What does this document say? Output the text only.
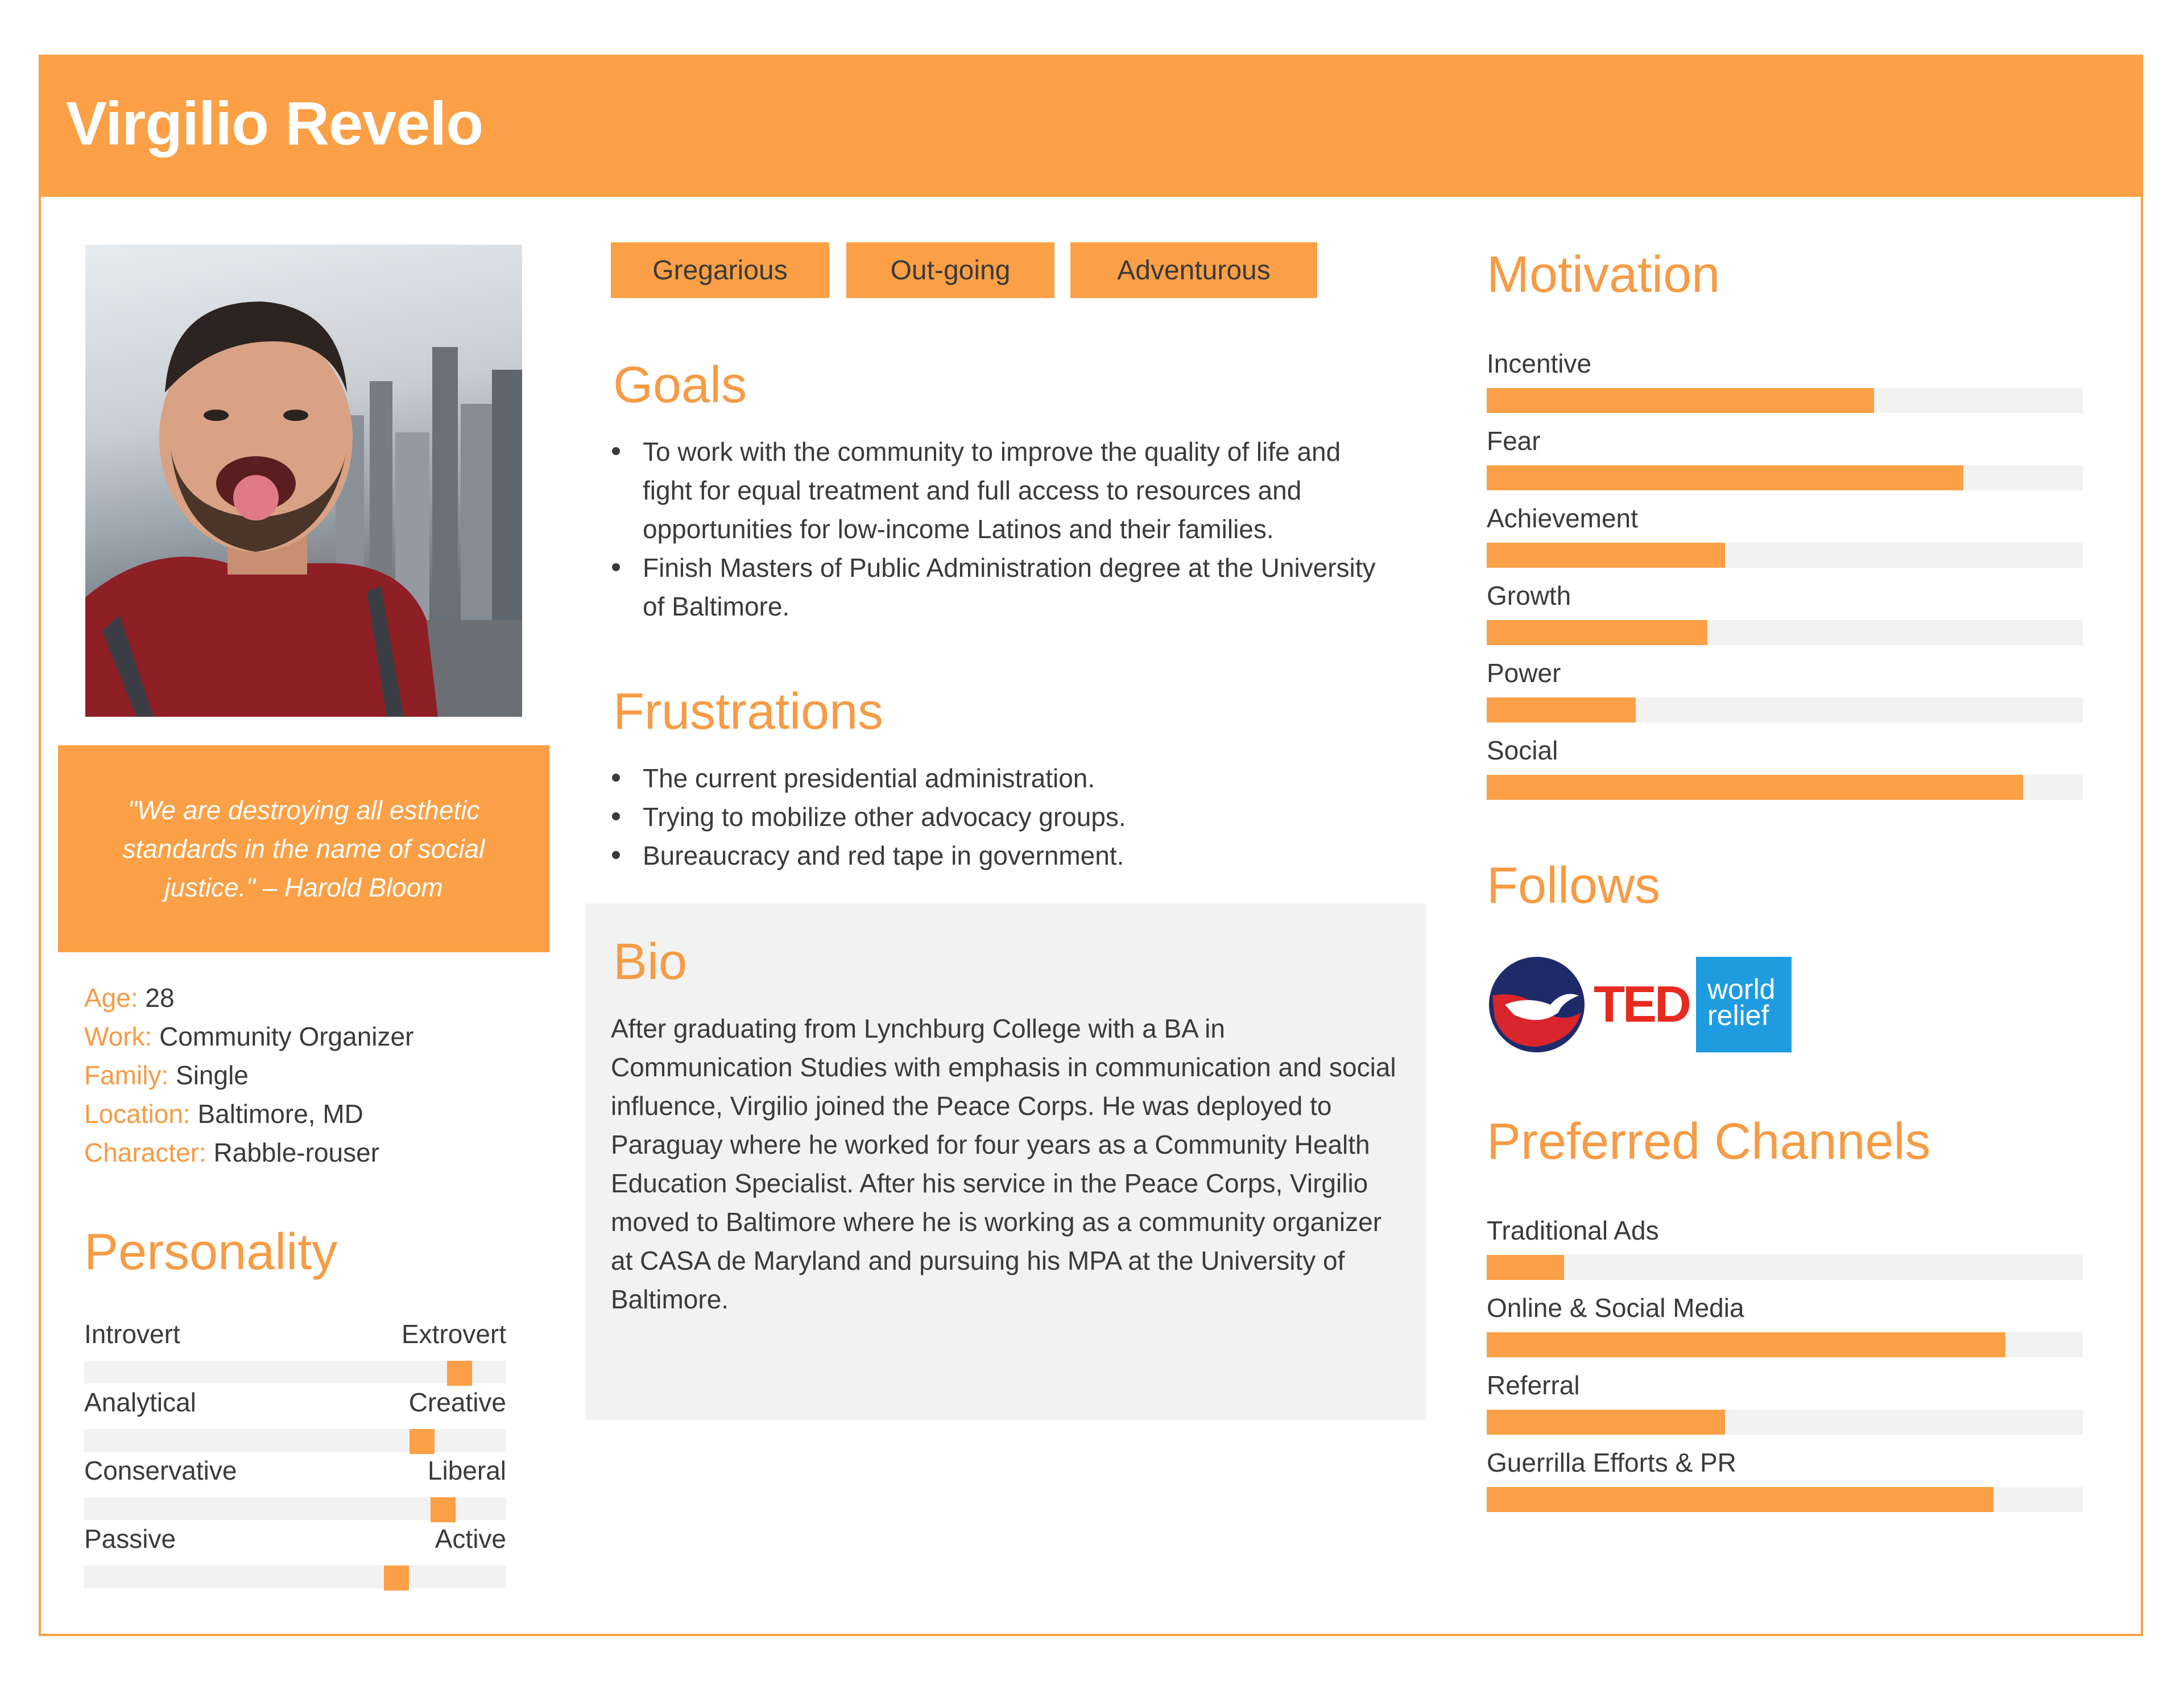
Virgilio Revelo

"We are destroying all esthetic standards in the name of social justice." – Harold Bloom

Age: 28
Work: Community Organizer
Family: Single
Location: Baltimore, MD
Character: Rabble-rouser
Personality
Introvert	Extrovert
Analytical	Creative
Conservative	Liberal
Passive	Active
Gregarious	Out-going	Adventurous
Goals
To work with the community to improve the quality of life and fight for equal treatment and full access to resources and opportunities for low-income Latinos and their families.
Finish Masters of Public Administration degree at the University of Baltimore.
Frustrations
The current presidential administration.
Trying to mobilize other advocacy groups.
Bureaucracy and red tape in government.
Bio
After graduating from Lynchburg College with a BA in Communication Studies with emphasis in communication and social influence, Virgilio joined the Peace Corps. He was deployed to Paraguay where he worked for four years as a Community Health Education Specialist. After his service in the Peace Corps, Virgilio moved to Baltimore where he is working as a community organizer at CASA de Maryland and pursuing his MPA at the University of Baltimore.
Motivation
Incentive
Fear
Achievement
Growth
Power
Social
Follows
TED world relief
Preferred Channels
Traditional Ads
Online & Social Media
Referral
Guerrilla Efforts & PR
